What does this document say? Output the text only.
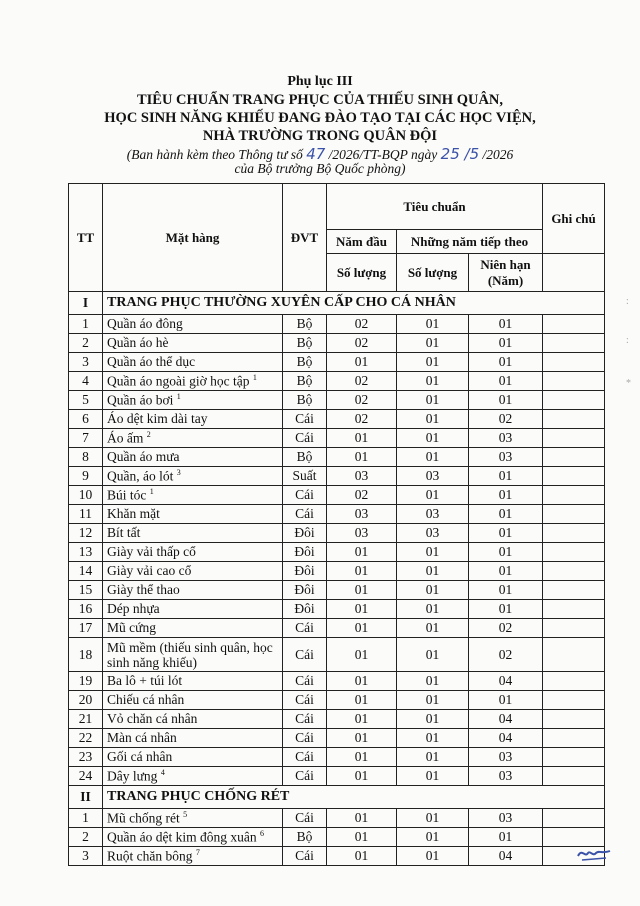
Phụ lục III
TIÊU CHUẨN TRANG PHỤC CỦA THIẾU SINH QUÂN,
HỌC SINH NĂNG KHIẾU ĐANG ĐÀO TẠO TẠI CÁC HỌC VIỆN,
NHÀ TRƯỜNG TRONG QUÂN ĐỘI
(Ban hành kèm theo Thông tư số 47 /2026/TT-BQP ngày 25 /5 /2026
của Bộ trưởng Bộ Quốc phòng)
TT	Mặt hàng	ĐVT	Tiêu chuẩn			Ghi chú
			Năm đầu	Những năm tiếp theo		
			Số lượng	Số lượng	Niên hạn (Năm)	
I	TRANG PHỤC THƯỜNG XUYÊN CẤP CHO CÁ NHÂN					
1	Quần áo đông	Bộ	02	01	01	
2	Quần áo hè	Bộ	02	01	01	
3	Quần áo thể dục	Bộ	01	01	01	
4	Quần áo ngoài giờ học tập $^1$	Bộ	02	01	01	
5	Quần áo bơi $^1$	Bộ	02	01	01	
6	Áo dệt kim dài tay	Cái	02	01	02	
7	Áo ấm $^2$	Cái	01	01	03	
8	Quần áo mưa	Bộ	01	01	03	
9	Quần, áo lót $^3$	Suất	03	03	01	
10	Búi tóc $^1$	Cái	02	01	01	
11	Khăn mặt	Cái	03	03	01	
12	Bít tất	Đôi	03	03	01	
13	Giày vải thấp cổ	Đôi	01	01	01	
14	Giày vải cao cổ	Đôi	01	01	01	
15	Giày thể thao	Đôi	01	01	01	
16	Dép nhựa	Đôi	01	01	01	
17	Mũ cứng	Cái	01	01	02	
18	Mũ mềm (thiếu sinh quân, học sinh năng khiếu)	Cái	01	01	02	
19	Ba lô + túi lót	Cái	01	01	04	
20	Chiếu cá nhân	Cái	01	01	01	
21	Vỏ chăn cá nhân	Cái	01	01	04	
22	Màn cá nhân	Cái	01	01	04	
23	Gối cá nhân	Cái	01	01	03	
24	Dây lưng $^4$	Cái	01	01	03	
II	TRANG PHỤC CHỐNG RÉT					
1	Mũ chống rét $^5$	Cái	01	01	03	
2	Quần áo dệt kim đông xuân $^6$	Bộ	01	01	01	
3	Ruột chăn bông $^7$	Cái	01	01	04	
:
:
*
